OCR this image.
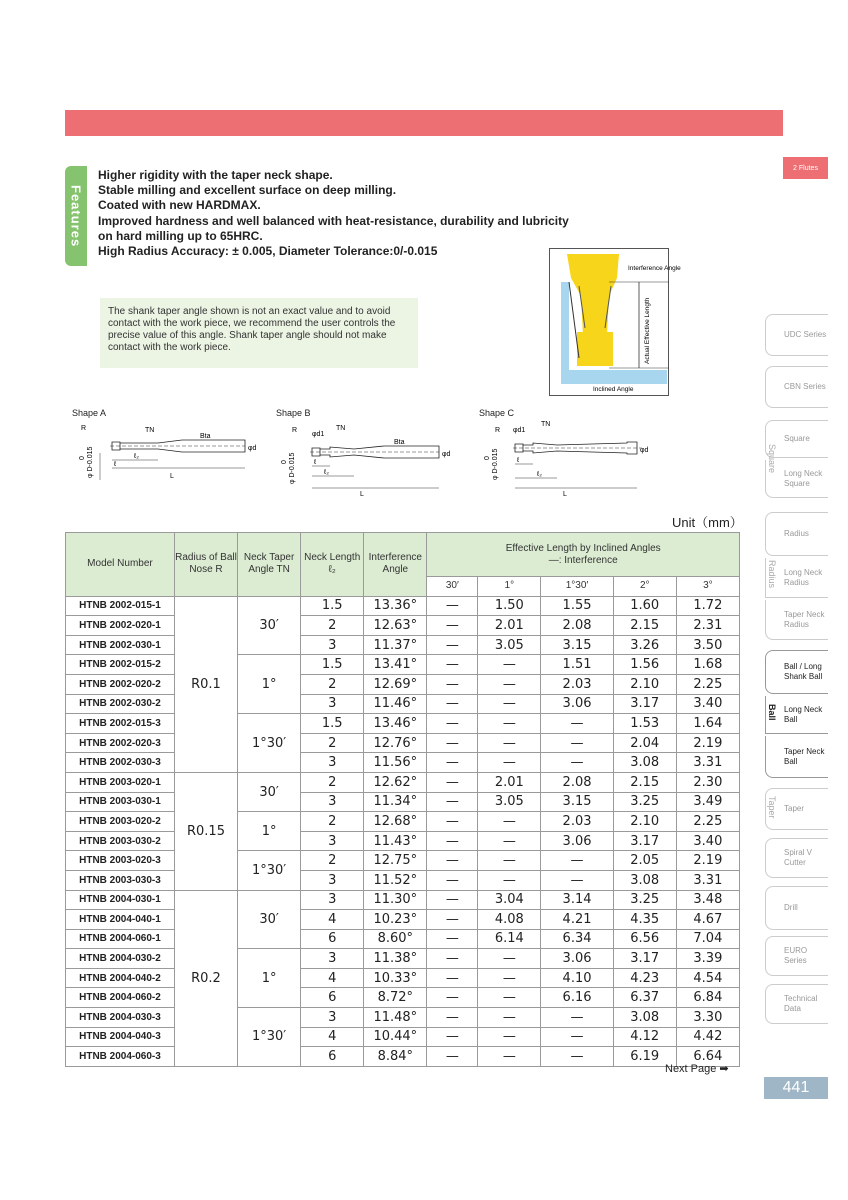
2 Flutes
Features
Higher rigidity with the taper neck shape.
Stable milling and excellent surface on deep milling.
Coated with new HARDMAX.
Improved hardness and well balanced with heat-resistance, durability and lubricity
on hard milling up to 65HRC.
High Radius Accuracy: ± 0.005, Diameter Tolerance:0/-0.015
The shank taper angle shown is not an exact value and to avoid contact with the work piece, we recommend the user controls the precise value of this angle. Shank taper angle should not make contact with the work piece.
Interference Angle
Actual Effective Length
Inclined Angle
Shape A
R	TN
Bta
φd
L
ℓ
ℓ₂
0 φ D-0.015
Shape B
R
φd1
TN
Bta
φd
L
ℓ
ℓ₂
0 φ D-0.015
Shape C
R φd1
TN
φd
L
ℓ
ℓ₂
0 φ D-0.015
Unit（mm）
Model Number	Radius of Ball Nose R	Neck Taper Angle TN	Neck Length ℓ₂	Interference Angle	Effective Length by Inclined Angles
—: Interference				

					30′	1°	1°30′	2°	3°
HTNB 2002-015-1	R0.1	30′	1.5	13.36°	—	1.50	1.55	1.60	1.72
HTNB 2002-020-1			2	12.63°	—	2.01	2.08	2.15	2.31
HTNB 2002-030-1			3	11.37°	—	3.05	3.15	3.26	3.50
HTNB 2002-015-2		1°	1.5	13.41°	—	—	1.51	1.56	1.68
HTNB 2002-020-2			2	12.69°	—	—	2.03	2.10	2.25
HTNB 2002-030-2			3	11.46°	—	—	3.06	3.17	3.40
HTNB 2002-015-3		1°30′	1.5	13.46°	—	—	—	1.53	1.64
HTNB 2002-020-3			2	12.76°	—	—	—	2.04	2.19
HTNB 2002-030-3			3	11.56°	—	—	—	3.08	3.31
HTNB 2003-020-1	R0.15	30′	2	12.62°	—	2.01	2.08	2.15	2.30
HTNB 2003-030-1			3	11.34°	—	3.05	3.15	3.25	3.49
HTNB 2003-020-2		1°	2	12.68°	—	—	2.03	2.10	2.25
HTNB 2003-030-2			3	11.43°	—	—	3.06	3.17	3.40
HTNB 2003-020-3		1°30′	2	12.75°	—	—	—	2.05	2.19
HTNB 2003-030-3			3	11.52°	—	—	—	3.08	3.31
HTNB 2004-030-1	R0.2	30′	3	11.30°	—	3.04	3.14	3.25	3.48
HTNB 2004-040-1			4	10.23°	—	4.08	4.21	4.35	4.67
HTNB 2004-060-1			6	8.60°	—	6.14	6.34	6.56	7.04
HTNB 2004-030-2		1°	3	11.38°	—	—	3.06	3.17	3.39
HTNB 2004-040-2			4	10.33°	—	—	4.10	4.23	4.54
HTNB 2004-060-2			6	8.72°	—	—	6.16	6.37	6.84
HTNB 2004-030-3		1°30′	3	11.48°	—	—	—	3.08	3.30
HTNB 2004-040-3			4	10.44°	—	—	—	4.12	4.42
HTNB 2004-060-3			6	8.84°	—	—	—	6.19	6.64
Next Page ➡
441
UDC Series
CBN Series
Square
Long Neck Square
Square
Radius
Long Neck Radius
Taper Neck Radius
Radius
Ball / Long Shank Ball
Long Neck Ball
Taper Neck Ball
Ball
Taper
Taper
Spiral V Cutter
Drill
EURO Series
Technical Data
